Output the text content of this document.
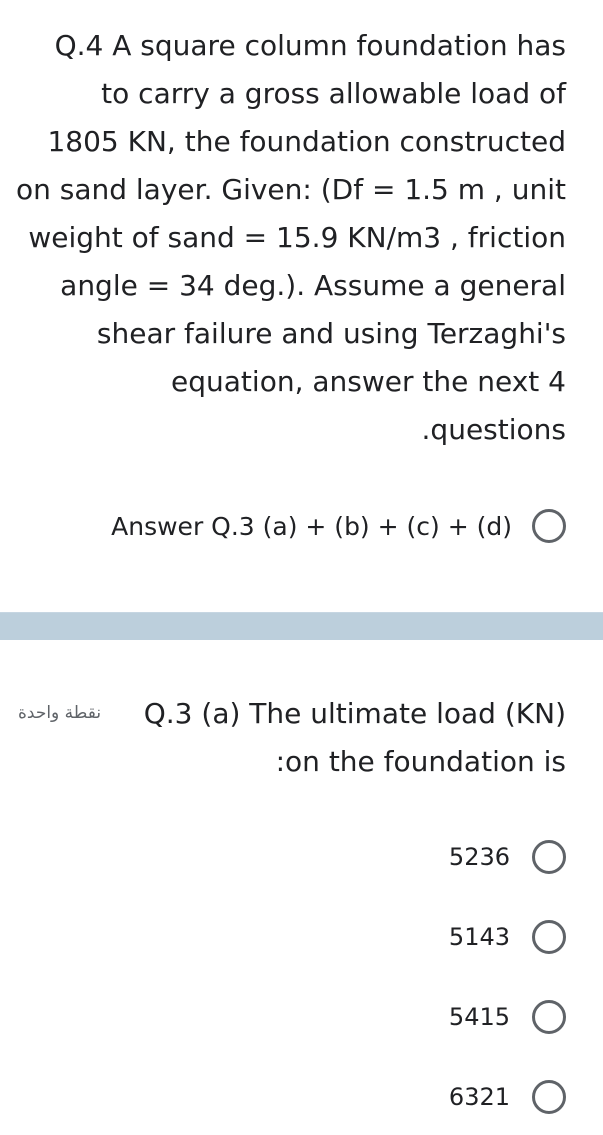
Q.4 A square column foundation has
to carry a gross allowable load of
1805 KN, the foundation constructed
on sand layer. Given: (Df = 1.5 m , unit
weight of sand = 15.9 KN/m3 , friction
angle = 34 deg.). Assume a general
shear failure and using Terzaghi's
equation, answer the next 4
.questions
Answer Q.3 (a) + (b) + (c) + (d)
نقطة واحدة Q.3 (a) The ultimate load (KN)
:on the foundation is
5236
5143
5415
6321
